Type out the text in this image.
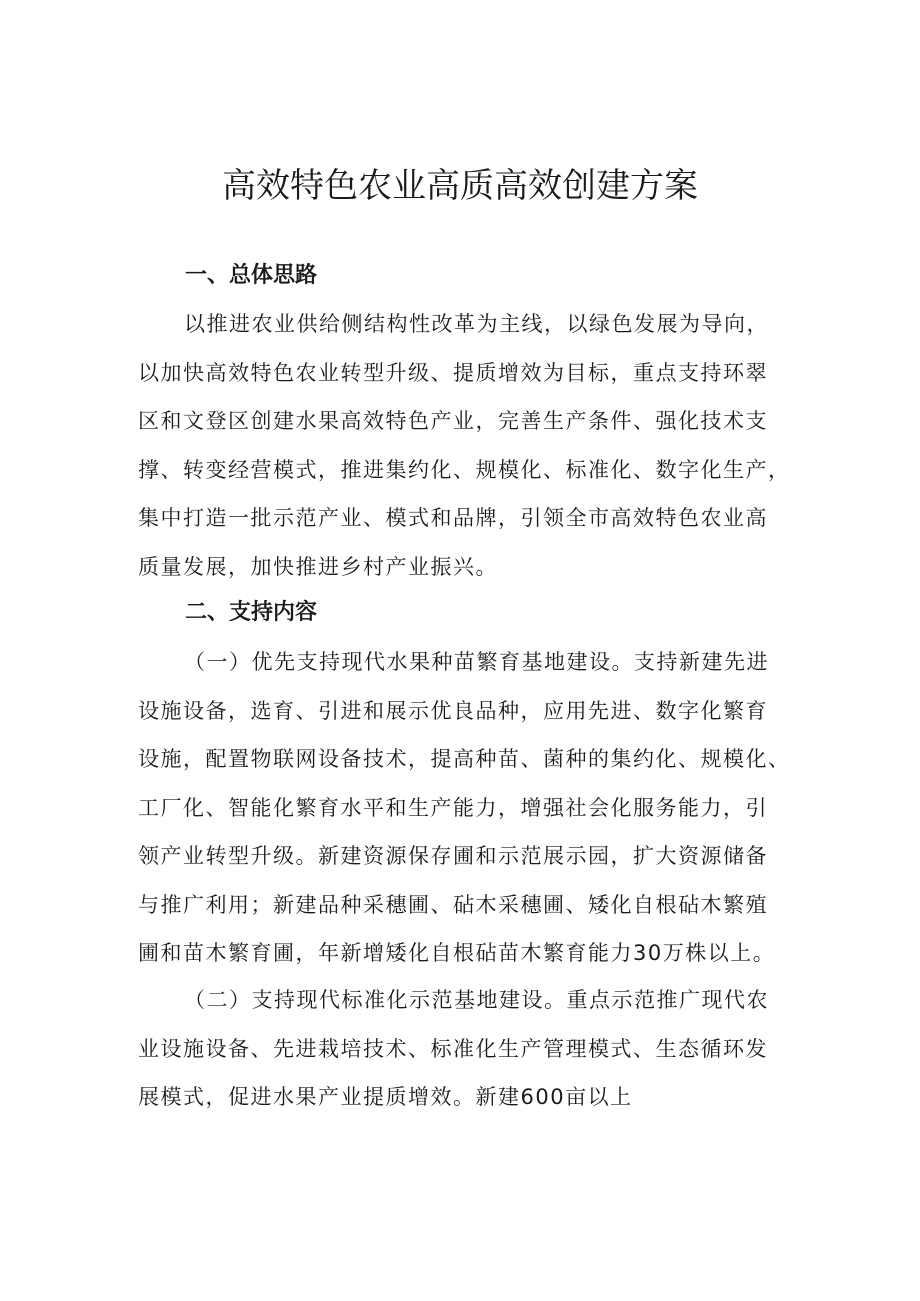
高效特色农业高质高效创建方案
一、总体思路
以推进农业供给侧结构性改革为主线，以绿色发展为导向，
以加快高效特色农业转型升级、提质增效为目标，重点支持环翠
区和文登区创建水果高效特色产业，完善生产条件、强化技术支
撑、转变经营模式，推进集约化、规模化、标准化、数字化生产，
集中打造一批示范产业、模式和品牌，引领全市高效特色农业高
质量发展，加快推进乡村产业振兴。
二、支持内容
（一）优先支持现代水果种苗繁育基地建设。支持新建先进
设施设备，选育、引进和展示优良品种，应用先进、数字化繁育
设施，配置物联网设备技术，提高种苗、菌种的集约化、规模化、
工厂化、智能化繁育水平和生产能力，增强社会化服务能力，引
领产业转型升级。新建资源保存圃和示范展示园，扩大资源储备
与推广利用；新建品种采穗圃、砧木采穗圃、矮化自根砧木繁殖
圃和苗木繁育圃，年新增矮化自根砧苗木繁育能力30万株以上。
（二）支持现代标准化示范基地建设。重点示范推广现代农
业设施设备、先进栽培技术、标准化生产管理模式、生态循环发
展模式，促进水果产业提质增效。新建600亩以上
